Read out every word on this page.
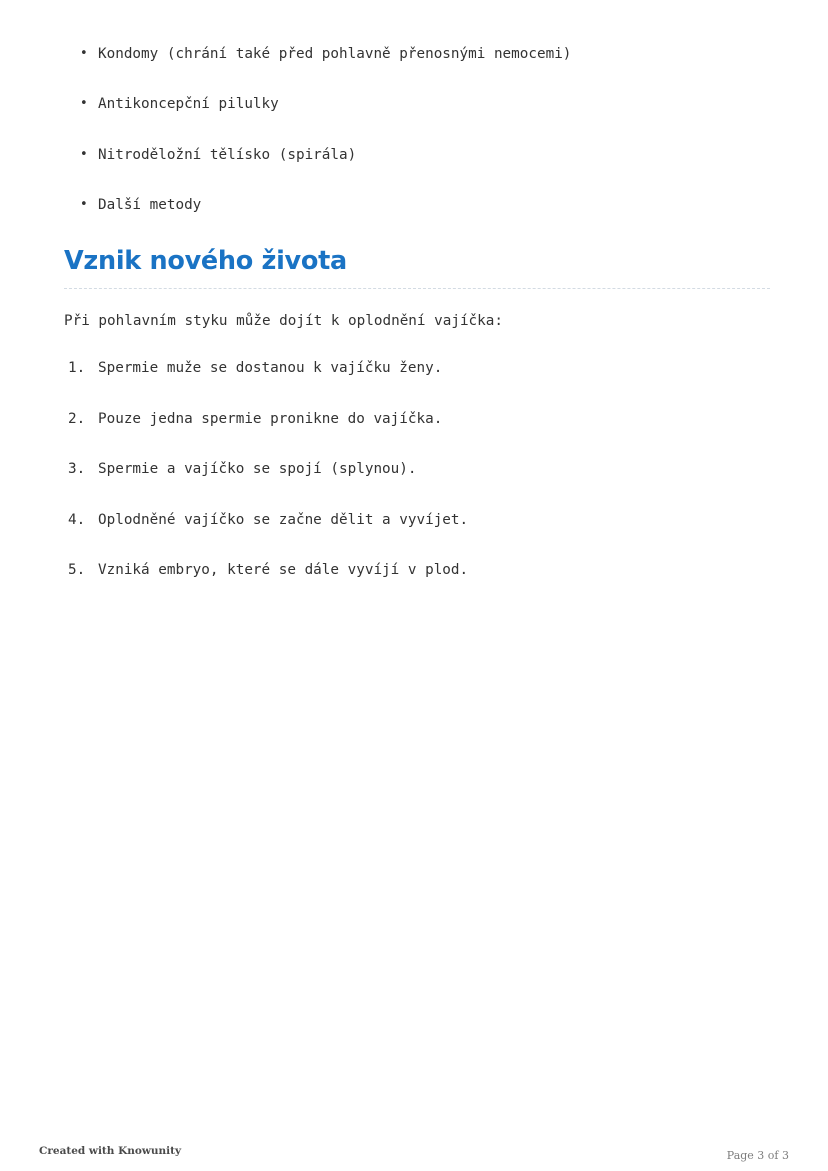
• Kondomy (chrání také před pohlavně přenosnými nemocemi)
• Antikoncepční pilulky
• Nitroděložní tělísko (spirála)
• Další metody
Vznik nového života

Při pohlavním styku může dojít k oplodnění vajíčka:

1. Spermie muže se dostanou k vajíčku ženy.
2. Pouze jedna spermie pronikne do vajíčka.
3. Spermie a vajíčko se spojí (splynou).
4. Oplodněné vajíčko se začne dělit a vyvíjet.
5. Vzniká embryo, které se dále vyvíjí v plod.
Created with Knowunity	Page 3 of 3
